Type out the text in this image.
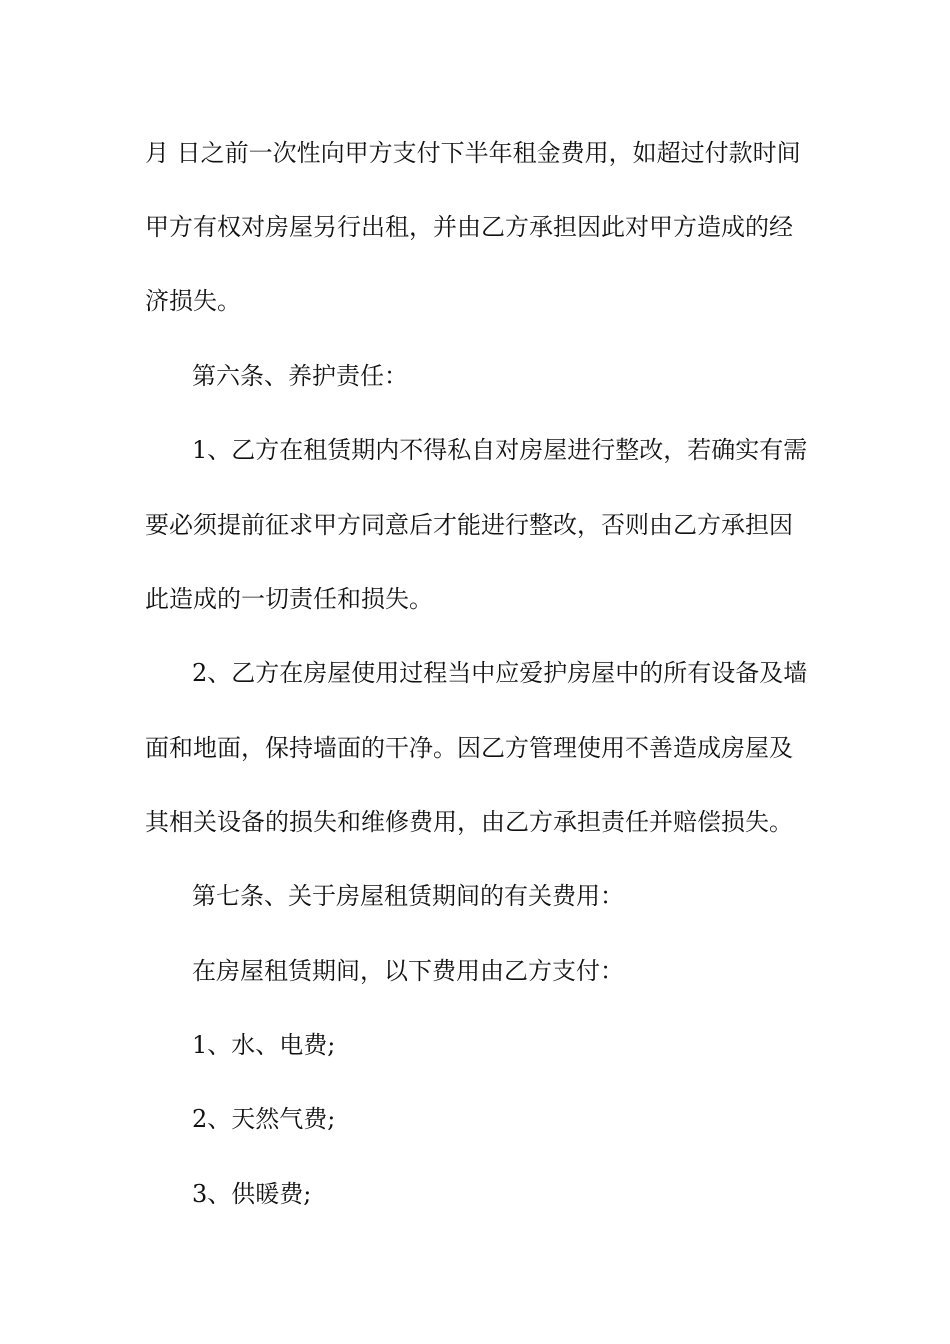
月 日之前一次性向甲方支付下半年租金费用，如超过付款时间
甲方有权对房屋另行出租，并由乙方承担因此对甲方造成的经
济损失。
第六条、养护责任：
1、乙方在租赁期内不得私自对房屋进行整改，若确实有需
要必须提前征求甲方同意后才能进行整改，否则由乙方承担因
此造成的一切责任和损失。
2、乙方在房屋使用过程当中应爱护房屋中的所有设备及墙
面和地面，保持墙面的干净。因乙方管理使用不善造成房屋及
其相关设备的损失和维修费用，由乙方承担责任并赔偿损失。
第七条、关于房屋租赁期间的有关费用：
在房屋租赁期间，以下费用由乙方支付：
1、水、电费;
2、天然气费;
3、供暖费;
